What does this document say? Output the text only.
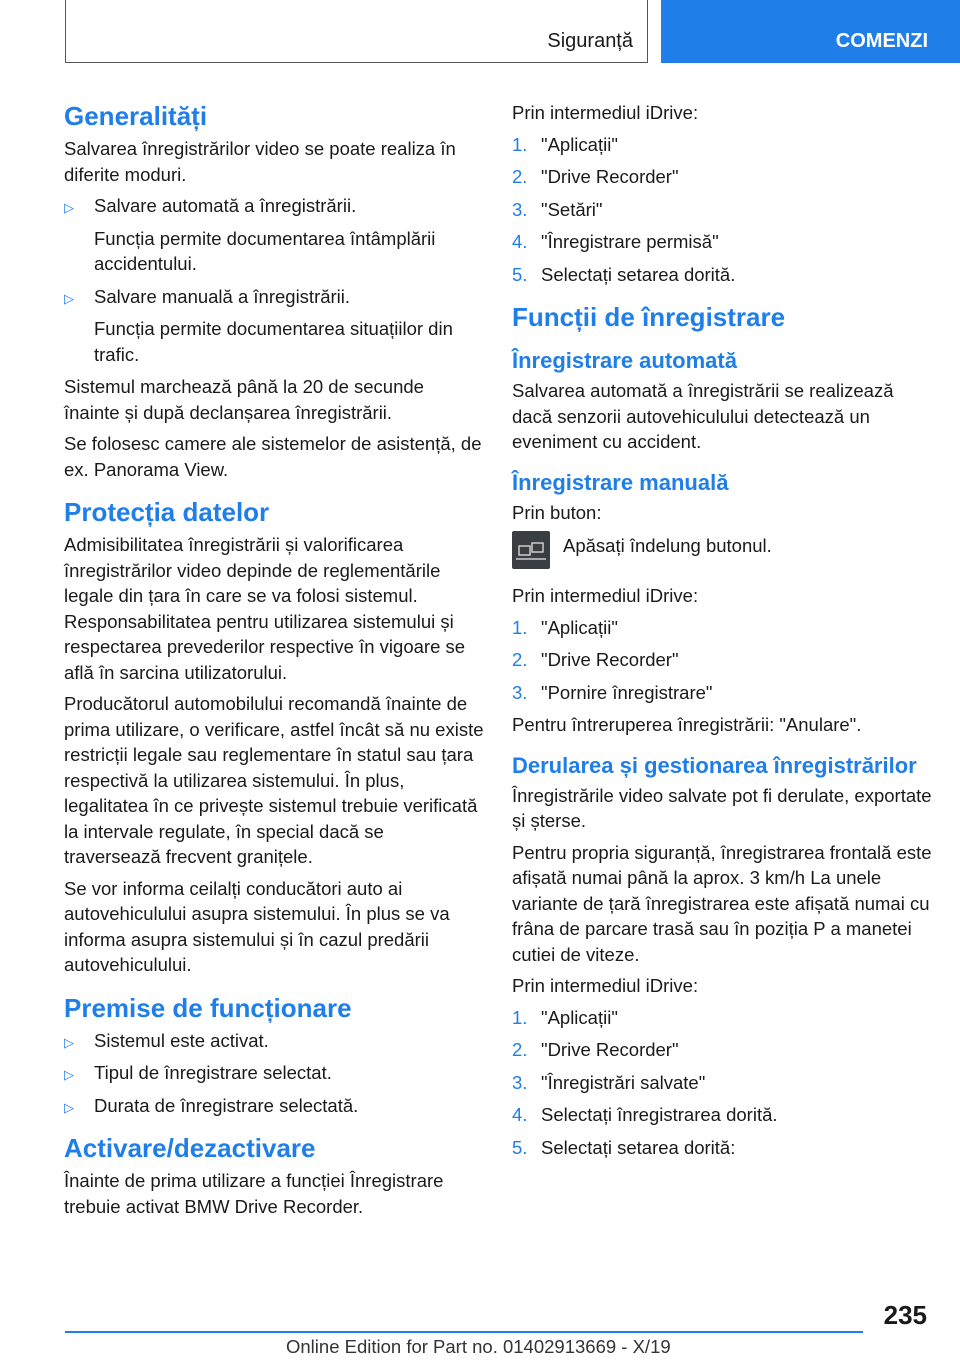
Siguranță	COMENZI
Generalități
Salvarea înregistrărilor video se poate realiza în diferite moduri.
▷ Salvare automată a înregistrării.
Funcția permite documentarea întâmplării accidentului.
▷ Salvare manuală a înregistrării.
Funcția permite documentarea situațiilor din trafic.
Sistemul marchează până la 20 de secunde înainte și după declanșarea înregistrării.
Se folosesc camere ale sistemelor de asistență, de ex. Panorama View.
Protecția datelor
Admisibilitatea înregistrării și valorificarea înregistrărilor video depinde de reglementările legale din țara în care se va folosi sistemul. Responsabilitatea pentru utilizarea sistemului și respectarea prevederilor respective în vigoare se află în sarcina utilizatorului.
Producătorul automobilului recomandă înainte de prima utilizare, o verificare, astfel încât să nu existe restricții legale sau reglementare în statul sau țara respectivă la utilizarea sistemului. În plus, legalitatea în ce privește sistemul trebuie verificată la intervale regulate, în special dacă se traversează frecvent granițele.
Se vor informa ceilalți conducători auto ai autovehiculului asupra sistemului. În plus se va informa asupra sistemului și în cazul predării autovehiculului.
Premise de funcționare
▷ Sistemul este activat.
▷ Tipul de înregistrare selectat.
▷ Durata de înregistrare selectată.
Activare/dezactivare
Înainte de prima utilizare a funcției Înregistrare trebuie activat BMW Drive Recorder.
Prin intermediul iDrive:
1. "Aplicații"
2. "Drive Recorder"
3. "Setări"
4. "Înregistrare permisă"
5. Selectați setarea dorită.
Funcții de înregistrare
Înregistrare automată
Salvarea automată a înregistrării se realizează dacă senzorii autovehiculului detectează un eveniment cu accident.
Înregistrare manuală
Prin buton:
Apăsați îndelung butonul.
Prin intermediul iDrive:
1. "Aplicații"
2. "Drive Recorder"
3. "Pornire înregistrare"
Pentru întreruperea înregistrării: "Anulare".
Derularea și gestionarea înregistrărilor
Înregistrările video salvate pot fi derulate, exportate și șterse.
Pentru propria siguranță, înregistrarea frontală este afișată numai până la aprox. 3 km/h La unele variante de țară înregistrarea este afișată numai cu frâna de parcare trasă sau în poziția P a manetei cutiei de viteze.
Prin intermediul iDrive:
1. "Aplicații"
2. "Drive Recorder"
3. "Înregistrări salvate"
4. Selectați înregistrarea dorită.
5. Selectați setarea dorită:
235
Online Edition for Part no. 01402913669 - X/19
